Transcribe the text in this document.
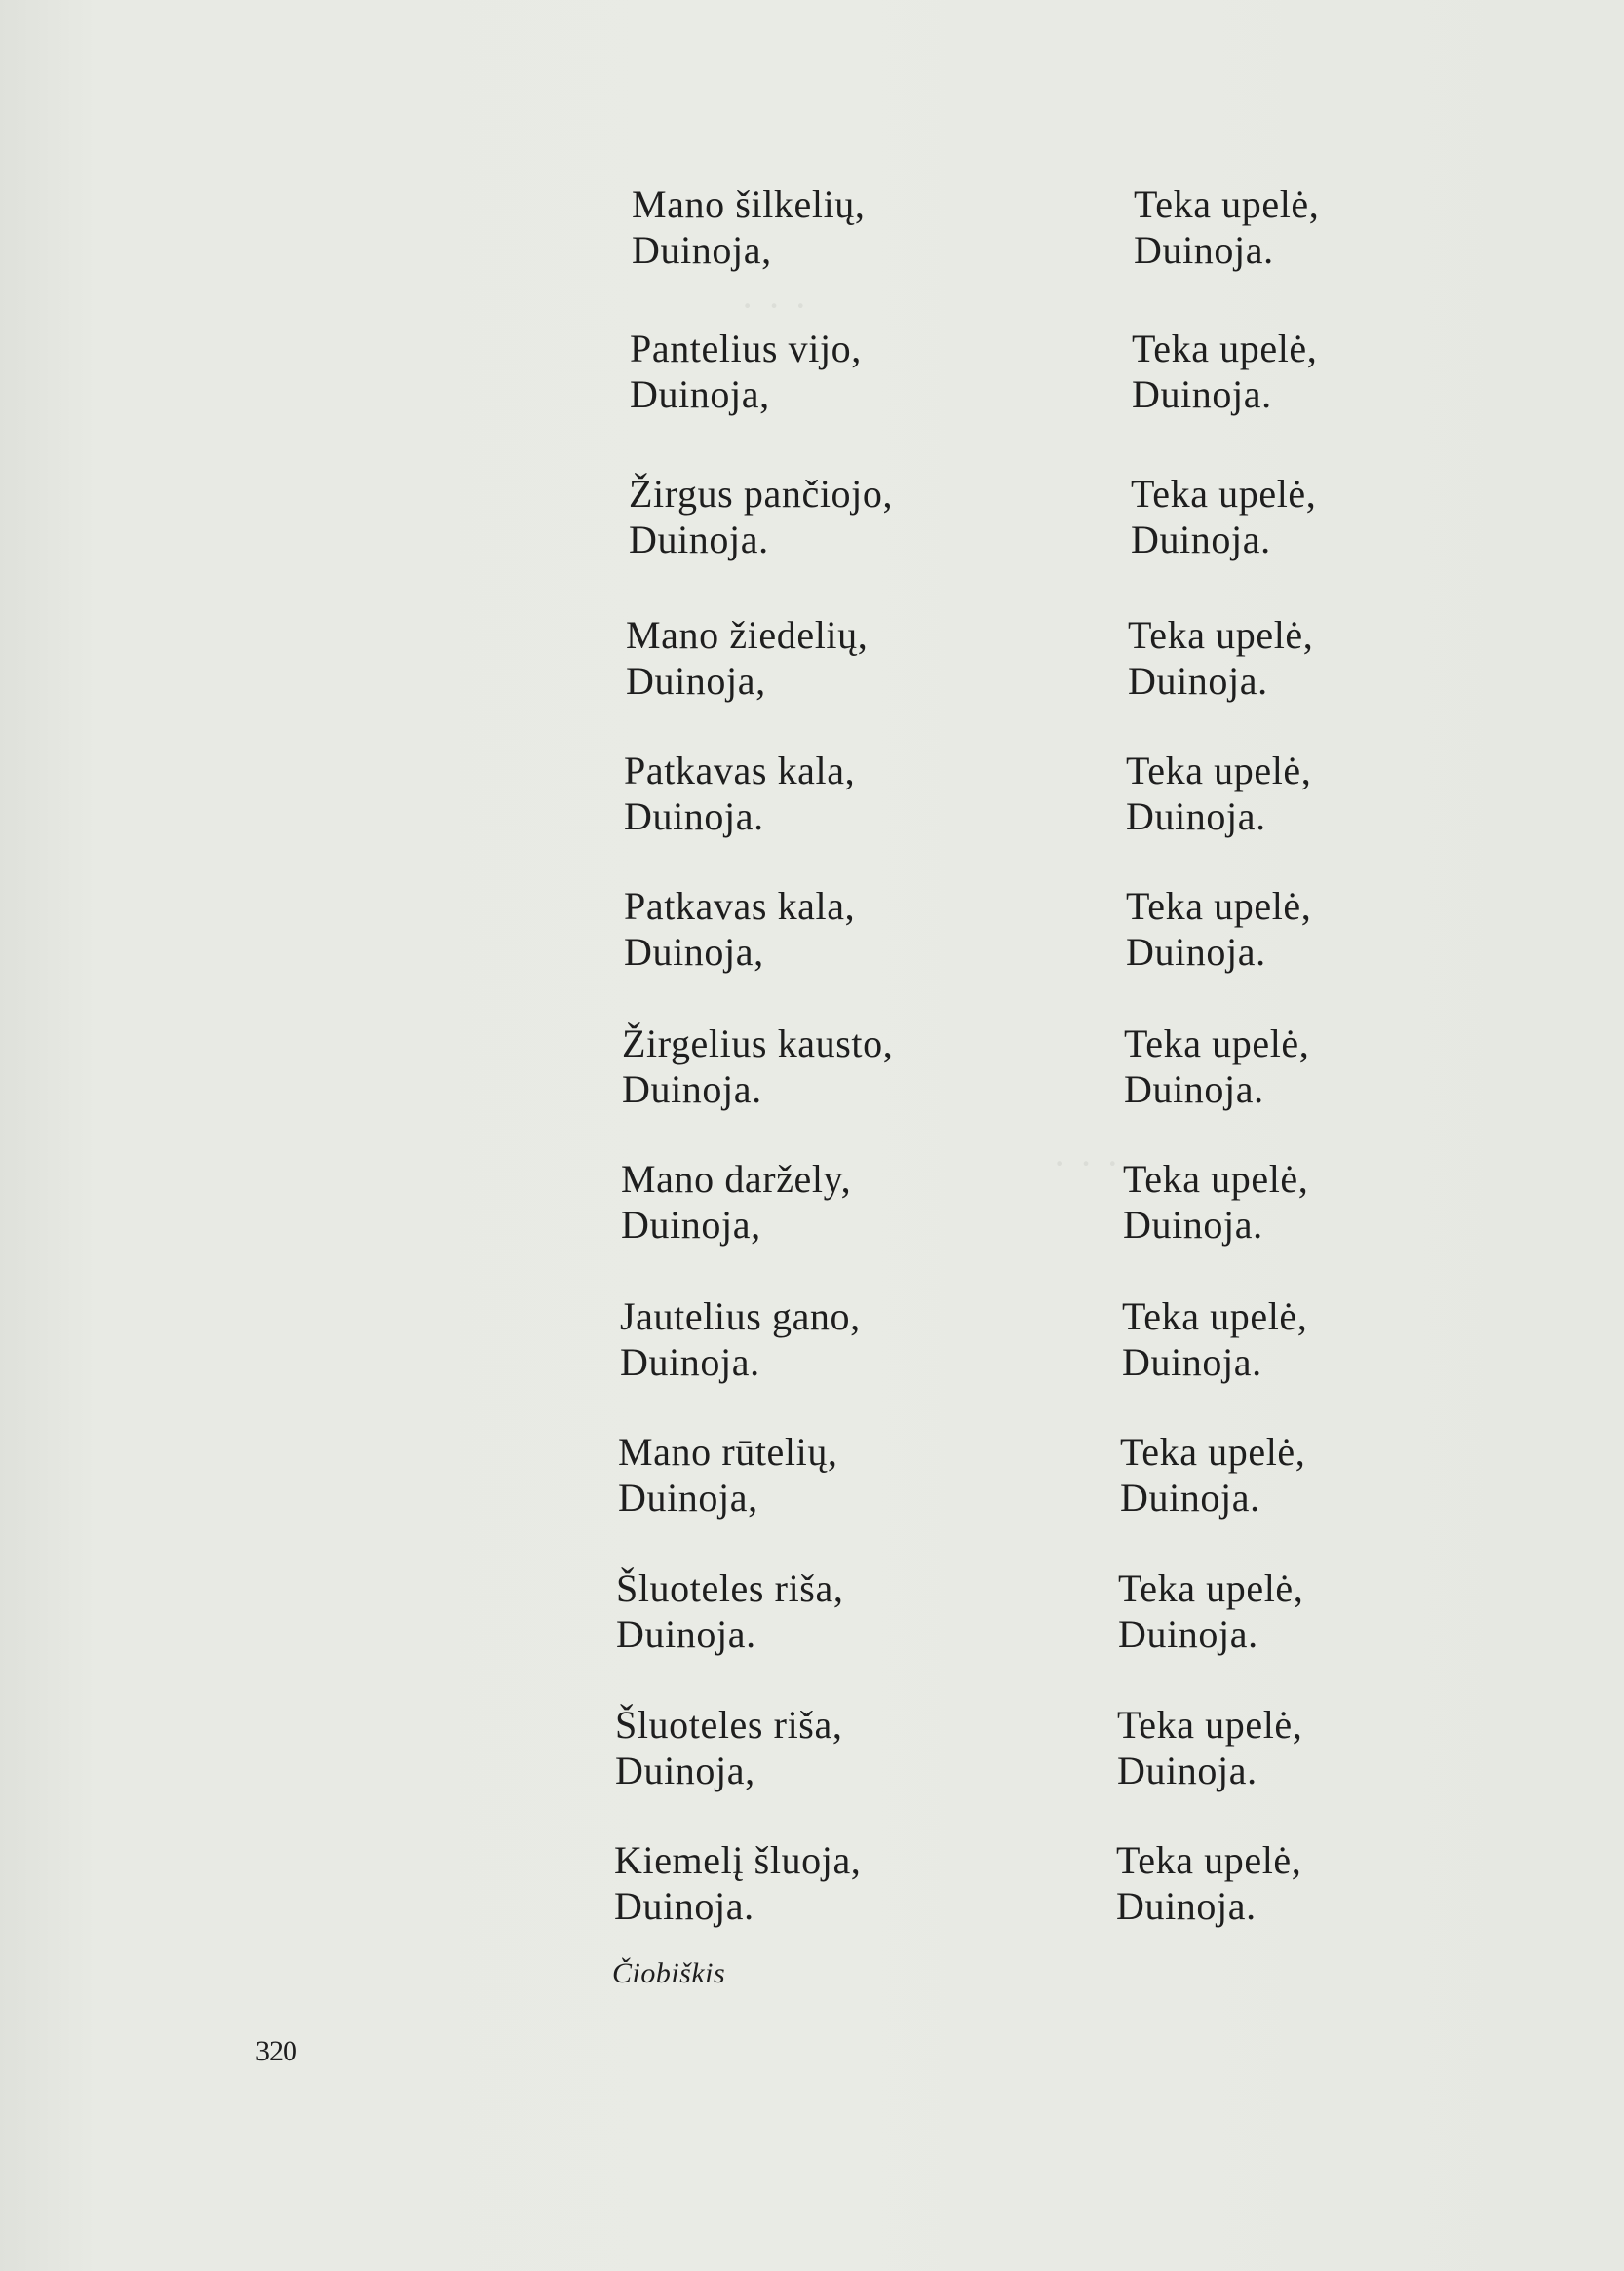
· · ·
· · ·
Mano šilkelių,
Duinoja,
Teka upelė,
Duinoja.
Pantelius vijo,
Duinoja,
Teka upelė,
Duinoja.
Žirgus pančiojo,
Duinoja.
Teka upelė,
Duinoja.
Mano žiedelių,
Duinoja,
Teka upelė,
Duinoja.
Patkavas kala,
Duinoja.
Teka upelė,
Duinoja.
Patkavas kala,
Duinoja,
Teka upelė,
Duinoja.
Žirgelius kausto,
Duinoja.
Teka upelė,
Duinoja.
Mano daržely,
Duinoja,
Teka upelė,
Duinoja.
Jautelius gano,
Duinoja.
Teka upelė,
Duinoja.
Mano rūtelių,
Duinoja,
Teka upelė,
Duinoja.
Šluoteles riša,
Duinoja.
Teka upelė,
Duinoja.
Šluoteles riša,
Duinoja,
Teka upelė,
Duinoja.
Kiemelį šluoja,
Duinoja.
Teka upelė,
Duinoja.
Čiobiškis
320
